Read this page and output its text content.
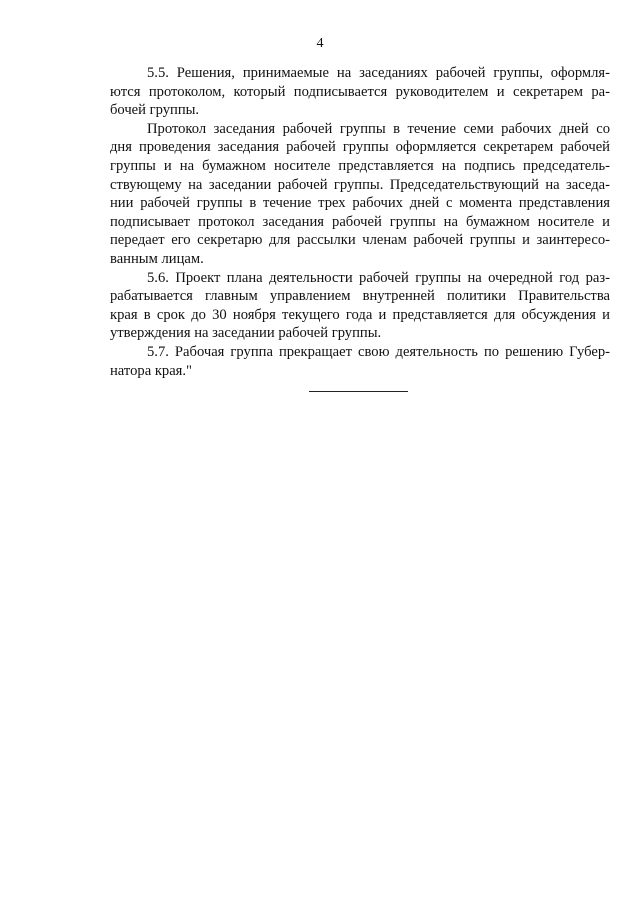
4

5.5. Решения, принимаемые на заседаниях рабочей группы, оформля-
ются протоколом, который подписывается руководителем и секретарем ра-
бочей группы.

Протокол заседания рабочей группы в течение семи рабочих дней со
дня проведения заседания рабочей группы оформляется секретарем рабочей
группы и на бумажном носителе представляется на подпись председатель-
ствующему на заседании рабочей группы. Председательствующий на заседа-
нии рабочей группы в течение трех рабочих дней с момента представления
подписывает протокол заседания рабочей группы на бумажном носителе и
передает его секретарю для рассылки членам рабочей группы и заинтересо-
ванным лицам.

5.6. Проект плана деятельности рабочей группы на очередной год раз-
рабатывается главным управлением внутренней политики Правительства
края в срок до 30 ноября текущего года и представляется для обсуждения и
утверждения на заседании рабочей группы.

5.7. Рабочая группа прекращает свою деятельность по решению Губер-
натора края."
